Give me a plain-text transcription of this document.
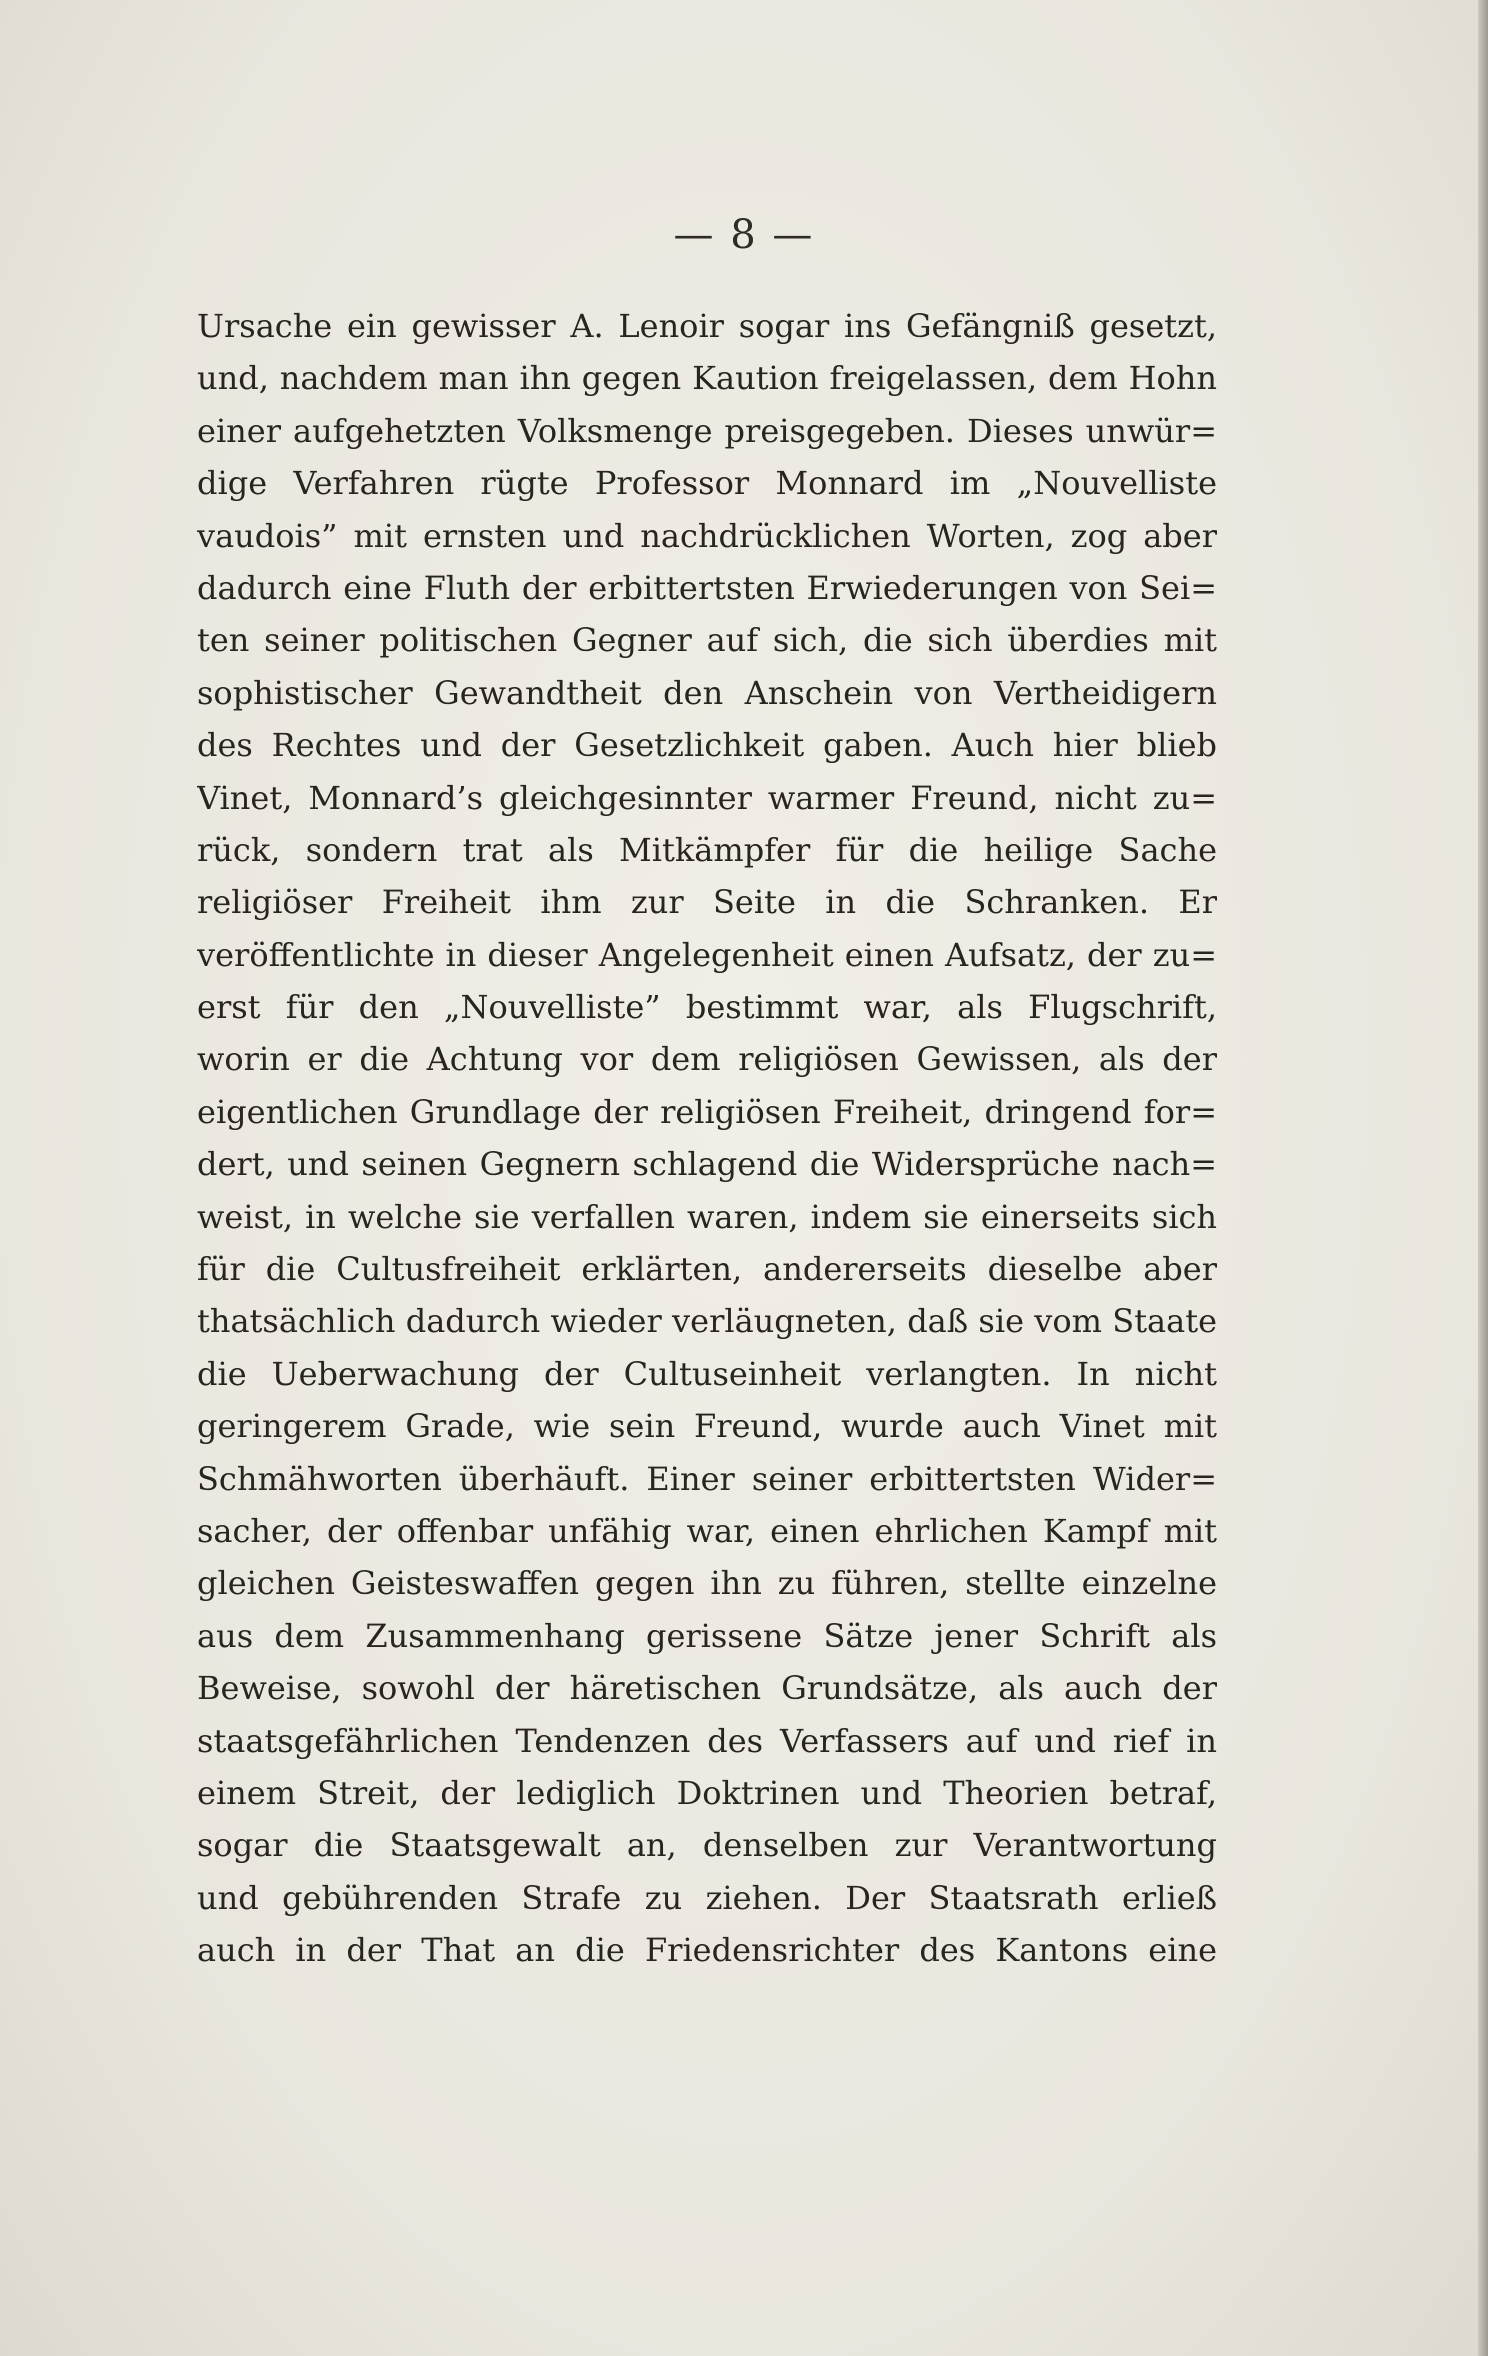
— 8 —
Ursache ein gewisser A. Lenoir sogar ins Gefängniß gesetzt,
und, nachdem man ihn gegen Kaution freigelassen, dem Hohn
einer aufgehetzten Volksmenge preisgegeben. Dieses unwür=
dige Verfahren rügte Professor Monnard im „Nouvelliste
vaudois” mit ernsten und nachdrücklichen Worten, zog aber
dadurch eine Fluth der erbittertsten Erwiederungen von Sei=
ten seiner politischen Gegner auf sich, die sich überdies mit
sophistischer Gewandtheit den Anschein von Vertheidigern
des Rechtes und der Gesetzlichkeit gaben. Auch hier blieb
Vinet, Monnard’s gleichgesinnter warmer Freund, nicht zu=
rück, sondern trat als Mitkämpfer für die heilige Sache
religiöser Freiheit ihm zur Seite in die Schranken. Er
veröffentlichte in dieser Angelegenheit einen Aufsatz, der zu=
erst für den „Nouvelliste” bestimmt war, als Flugschrift,
worin er die Achtung vor dem religiösen Gewissen, als der
eigentlichen Grundlage der religiösen Freiheit, dringend for=
dert, und seinen Gegnern schlagend die Widersprüche nach=
weist, in welche sie verfallen waren, indem sie einerseits sich
für die Cultusfreiheit erklärten, andererseits dieselbe aber
thatsächlich dadurch wieder verläugneten, daß sie vom Staate
die Ueberwachung der Cultuseinheit verlangten. In nicht
geringerem Grade, wie sein Freund, wurde auch Vinet mit
Schmähworten überhäuft. Einer seiner erbittertsten Wider=
sacher, der offenbar unfähig war, einen ehrlichen Kampf mit
gleichen Geisteswaffen gegen ihn zu führen, stellte einzelne
aus dem Zusammenhang gerissene Sätze jener Schrift als
Beweise, sowohl der häretischen Grundsätze, als auch der
staatsgefährlichen Tendenzen des Verfassers auf und rief in
einem Streit, der lediglich Doktrinen und Theorien betraf,
sogar die Staatsgewalt an, denselben zur Verantwortung
und gebührenden Strafe zu ziehen. Der Staatsrath erließ
auch in der That an die Friedensrichter des Kantons eine
